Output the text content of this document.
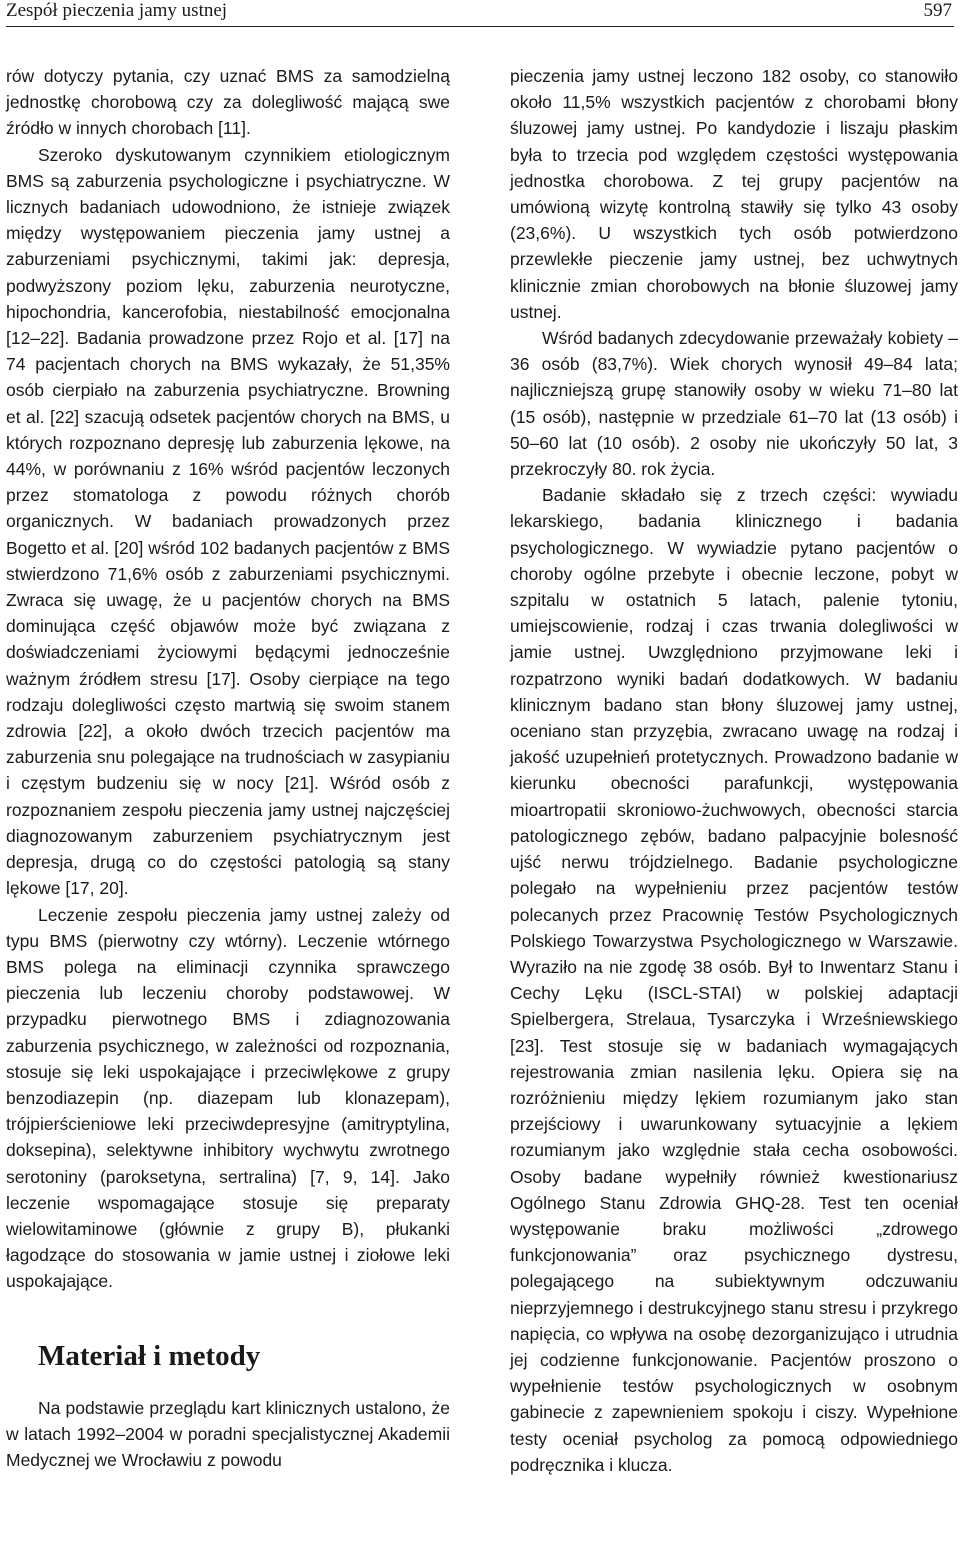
Zespół pieczenia jamy ustnej	597

rów dotyczy pytania, czy uznać BMS za samodzielną jednostkę chorobową czy za dolegliwość mającą swe źródło w innych chorobach [11].

Szeroko dyskutowanym czynnikiem etiologicznym BMS są zaburzenia psychologiczne i psychiatryczne. W licznych badaniach udowodniono, że istnieje związek między występowaniem pieczenia jamy ustnej a zaburzeniami psychicznymi, takimi jak: depresja, podwyższony poziom lęku, zaburzenia neurotyczne, hipochondria, kancerofobia, niestabilność emocjonalna [12–22]. Badania prowadzone przez Rojo et al. [17] na 74 pacjentach chorych na BMS wykazały, że 51,35% osób cierpiało na zaburzenia psychiatryczne. Browning et al. [22] szacują odsetek pacjentów chorych na BMS, u których rozpoznano depresję lub zaburzenia lękowe, na 44%, w porównaniu z 16% wśród pacjentów leczonych przez stomatologa z powodu różnych chorób organicznych. W badaniach prowadzonych przez Bogetto et al. [20] wśród 102 badanych pacjentów z BMS stwierdzono 71,6% osób z zaburzeniami psychicznymi. Zwraca się uwagę, że u pacjentów chorych na BMS dominująca część objawów może być związana z doświadczeniami życiowymi będącymi jednocześnie ważnym źródłem stresu [17]. Osoby cierpiące na tego rodzaju dolegliwości często martwią się swoim stanem zdrowia [22], a około dwóch trzecich pacjentów ma zaburzenia snu polegające na trudnościach w zasypianiu i częstym budzeniu się w nocy [21]. Wśród osób z rozpoznaniem zespołu pieczenia jamy ustnej najczęściej diagnozowanym zaburzeniem psychiatrycznym jest depresja, drugą co do częstości patologią są stany lękowe [17, 20].

Leczenie zespołu pieczenia jamy ustnej zależy od typu BMS (pierwotny czy wtórny). Leczenie wtórnego BMS polega na eliminacji czynnika sprawczego pieczenia lub leczeniu choroby podstawowej. W przypadku pierwotnego BMS i zdiagnozowania zaburzenia psychicznego, w zależności od rozpoznania, stosuje się leki uspokajające i przeciwlękowe z grupy benzodiazepin (np. diazepam lub klonazepam), trójpierścieniowe leki przeciwdepresyjne (amitryptylina, doksepina), selektywne inhibitory wychwytu zwrotnego serotoniny (paroksetyna, sertralina) [7, 9, 14]. Jako leczenie wspomagające stosuje się preparaty wielowitaminowe (głównie z grupy B), płukanki łagodzące do stosowania w jamie ustnej i ziołowe leki uspokajające.

Materiał i metody

Na podstawie przeglądu kart klinicznych ustalono, że w latach 1992–2004 w poradni specjalistycznej Akademii Medycznej we Wrocławiu z powodu

pieczenia jamy ustnej leczono 182 osoby, co stanowiło około 11,5% wszystkich pacjentów z chorobami błony śluzowej jamy ustnej. Po kandydozie i liszaju płaskim była to trzecia pod względem częstości występowania jednostka chorobowa. Z tej grupy pacjentów na umówioną wizytę kontrolną stawiły się tylko 43 osoby (23,6%). U wszystkich tych osób potwierdzono przewlekłe pieczenie jamy ustnej, bez uchwytnych klinicznie zmian chorobowych na błonie śluzowej jamy ustnej.

Wśród badanych zdecydowanie przeważały kobiety – 36 osób (83,7%). Wiek chorych wynosił 49–84 lata; najliczniejszą grupę stanowiły osoby w wieku 71–80 lat (15 osób), następnie w przedziale 61–70 lat (13 osób) i 50–60 lat (10 osób). 2 osoby nie ukończyły 50 lat, 3 przekroczyły 80. rok życia.

Badanie składało się z trzech części: wywiadu lekarskiego, badania klinicznego i badania psychologicznego. W wywiadzie pytano pacjentów o choroby ogólne przebyte i obecnie leczone, pobyt w szpitalu w ostatnich 5 latach, palenie tytoniu, umiejscowienie, rodzaj i czas trwania dolegliwości w jamie ustnej. Uwzględniono przyjmowane leki i rozpatrzono wyniki badań dodatkowych. W badaniu klinicznym badano stan błony śluzowej jamy ustnej, oceniano stan przyzębia, zwracano uwagę na rodzaj i jakość uzupełnień protetycznych. Prowadzono badanie w kierunku obecności parafunkcji, występowania mioartropatii skroniowo-żuchwowych, obecności starcia patologicznego zębów, badano palpacyjnie bolesność ujść nerwu trójdzielnego. Badanie psychologiczne polegało na wypełnieniu przez pacjentów testów polecanych przez Pracownię Testów Psychologicznych Polskiego Towarzystwa Psychologicznego w Warszawie. Wyraziło na nie zgodę 38 osób. Był to Inwentarz Stanu i Cechy Lęku (ISCL-STAI) w polskiej adaptacji Spielbergera, Strelaua, Tysarczyka i Wrześniewskiego [23]. Test stosuje się w badaniach wymagających rejestrowania zmian nasilenia lęku. Opiera się na rozróżnieniu między lękiem rozumianym jako stan przejściowy i uwarunkowany sytuacyjnie a lękiem rozumianym jako względnie stała cecha osobowości. Osoby badane wypełniły również kwestionariusz Ogólnego Stanu Zdrowia GHQ-28. Test ten oceniał występowanie braku możliwości „zdrowego funkcjonowania” oraz psychicznego dystresu, polegającego na subiektywnym odczuwaniu nieprzyjemnego i destrukcyjnego stanu stresu i przykrego napięcia, co wpływa na osobę dezorganizująco i utrudnia jej codzienne funkcjonowanie. Pacjentów proszono o wypełnienie testów psychologicznych w osobnym gabinecie z zapewnieniem spokoju i ciszy. Wypełnione testy oceniał psycholog za pomocą odpowiedniego podręcznika i klucza.
